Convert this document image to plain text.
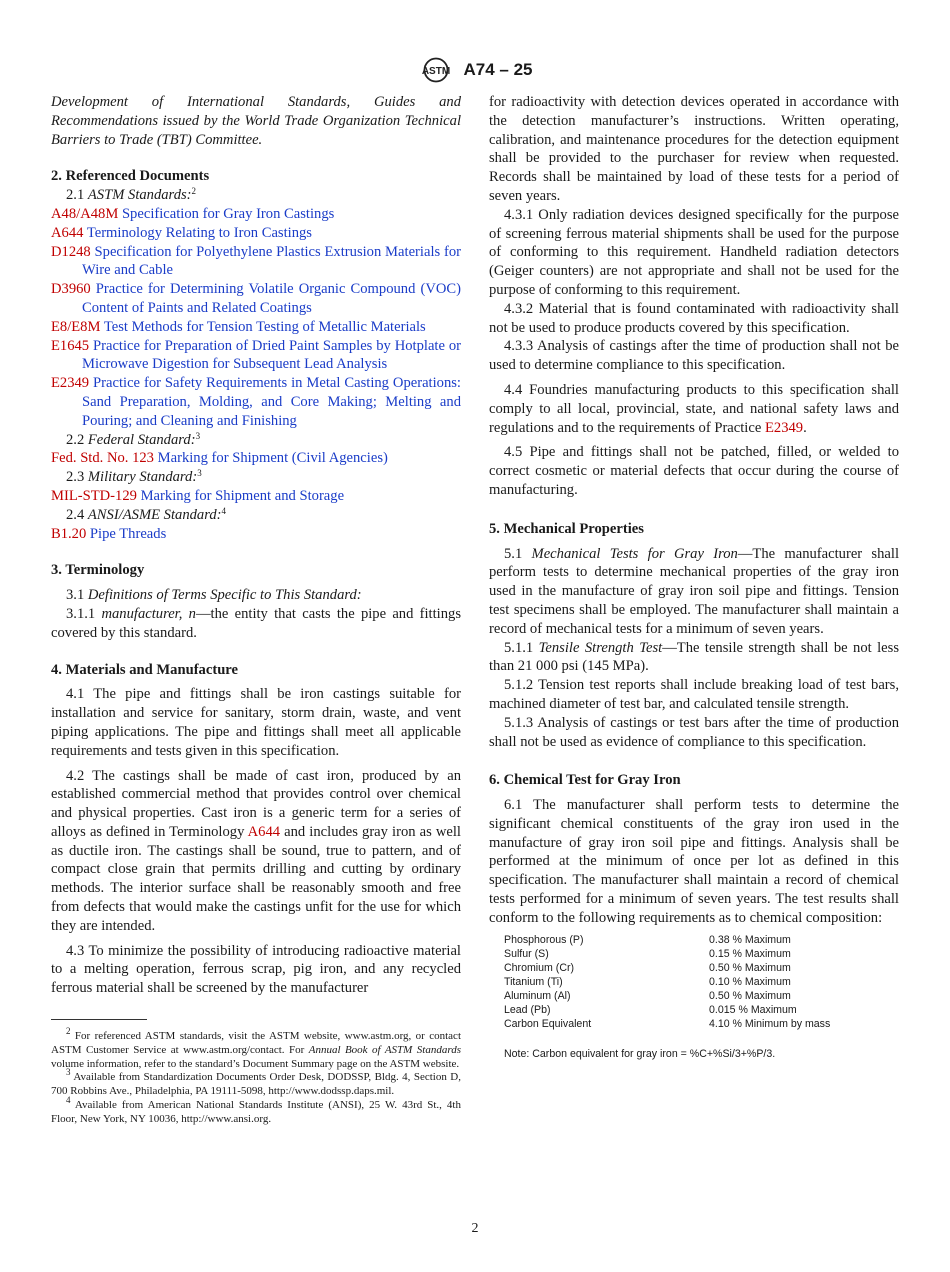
ASTM A74 – 25

Development of International Standards, Guides and Recommendations issued by the World Trade Organization Technical Barriers to Trade (TBT) Committee.

2. Referenced Documents

2.1 ASTM Standards:$^2$

A48/A48M Specification for Gray Iron Castings

A644 Terminology Relating to Iron Castings

D1248 Specification for Polyethylene Plastics Extrusion Materials for Wire and Cable

D3960 Practice for Determining Volatile Organic Compound (VOC) Content of Paints and Related Coatings

E8/E8M Test Methods for Tension Testing of Metallic Materials

E1645 Practice for Preparation of Dried Paint Samples by Hotplate or Microwave Digestion for Subsequent Lead Analysis

E2349 Practice for Safety Requirements in Metal Casting Operations: Sand Preparation, Molding, and Core Making; Melting and Pouring; and Cleaning and Finishing

2.2 Federal Standard:$^3$

Fed. Std. No. 123 Marking for Shipment (Civil Agencies)

2.3 Military Standard:$^3$

MIL-STD-129 Marking for Shipment and Storage

2.4 ANSI/ASME Standard:$^4$

B1.20 Pipe Threads

3. Terminology

3.1 Definitions of Terms Specific to This Standard:

3.1.1 manufacturer, n—the entity that casts the pipe and fittings covered by this standard.

4. Materials and Manufacture

4.1 The pipe and fittings shall be iron castings suitable for installation and service for sanitary, storm drain, waste, and vent piping applications. The pipe and fittings shall meet all applicable requirements and tests given in this specification.

4.2 The castings shall be made of cast iron, produced by an established commercial method that provides control over chemical and physical properties. Cast iron is a generic term for a series of alloys as defined in Terminology A644 and includes gray iron as well as ductile iron. The castings shall be sound, true to pattern, and of compact close grain that permits drilling and cutting by ordinary methods. The interior surface shall be reasonably smooth and free from defects that would make the castings unfit for the use for which they are intended.

4.3 To minimize the possibility of introducing radioactive material to a melting operation, ferrous scrap, pig iron, and any recycled ferrous material shall be screened by the manufacturer

$^2$ For referenced ASTM standards, visit the ASTM website, www.astm.org, or contact ASTM Customer Service at www.astm.org/contact. For Annual Book of ASTM Standards volume information, refer to the standard’s Document Summary page on the ASTM website.

$^3$ Available from Standardization Documents Order Desk, DODSSP, Bldg. 4, Section D, 700 Robbins Ave., Philadelphia, PA 19111-5098, http://www.dodssp.daps.mil.

$^4$ Available from American National Standards Institute (ANSI), 25 W. 43rd St., 4th Floor, New York, NY 10036, http://www.ansi.org.

for radioactivity with detection devices operated in accordance with the detection manufacturer’s instructions. Written operating, calibration, and maintenance procedures for the detection equipment shall be provided to the purchaser for review when requested. Records shall be maintained by load of these tests for a period of seven years.

4.3.1 Only radiation devices designed specifically for the purpose of screening ferrous material shipments shall be used for the purpose of conforming to this requirement. Handheld radiation detectors (Geiger counters) are not appropriate and shall not be used for the purpose of conforming to this requirement.

4.3.2 Material that is found contaminated with radioactivity shall not be used to produce products covered by this specification.

4.3.3 Analysis of castings after the time of production shall not be used to determine compliance to this specification.

4.4 Foundries manufacturing products to this specification shall comply to all local, provincial, state, and national safety laws and regulations and to the requirements of Practice E2349.

4.5 Pipe and fittings shall not be patched, filled, or welded to correct cosmetic or material defects that occur during the course of manufacturing.

5. Mechanical Properties

5.1 Mechanical Tests for Gray Iron—The manufacturer shall perform tests to determine mechanical properties of the gray iron used in the manufacture of gray iron soil pipe and fittings. Tension test specimens shall be employed. The manufacturer shall maintain a record of mechanical tests for a minimum of seven years.

5.1.1 Tensile Strength Test—The tensile strength shall be not less than 21 000 psi (145 MPa).

5.1.2 Tension test reports shall include breaking load of test bars, machined diameter of test bar, and calculated tensile strength.

5.1.3 Analysis of castings or test bars after the time of production shall not be used as evidence of compliance to this specification.

6. Chemical Test for Gray Iron

6.1 The manufacturer shall perform tests to determine the significant chemical constituents of the gray iron used in the manufacture of gray iron soil pipe and fittings. Analysis shall be performed at the minimum of once per lot as defined in this specification. The manufacturer shall maintain a record of chemical tests performed for a minimum of seven years. The test results shall conform to the following requirements as to chemical composition:

Phosphorous (P)	0.38 % Maximum
Sulfur (S)	0.15 % Maximum
Chromium (Cr)	0.50 % Maximum
Titanium (Ti)	0.10 % Maximum
Aluminum (Al)	0.50 % Maximum
Lead (Pb)	0.015 % Maximum
Carbon Equivalent	4.10 % Minimum by mass
Note: Carbon equivalent for gray iron = %C+%Si/3+%P/3.
2
